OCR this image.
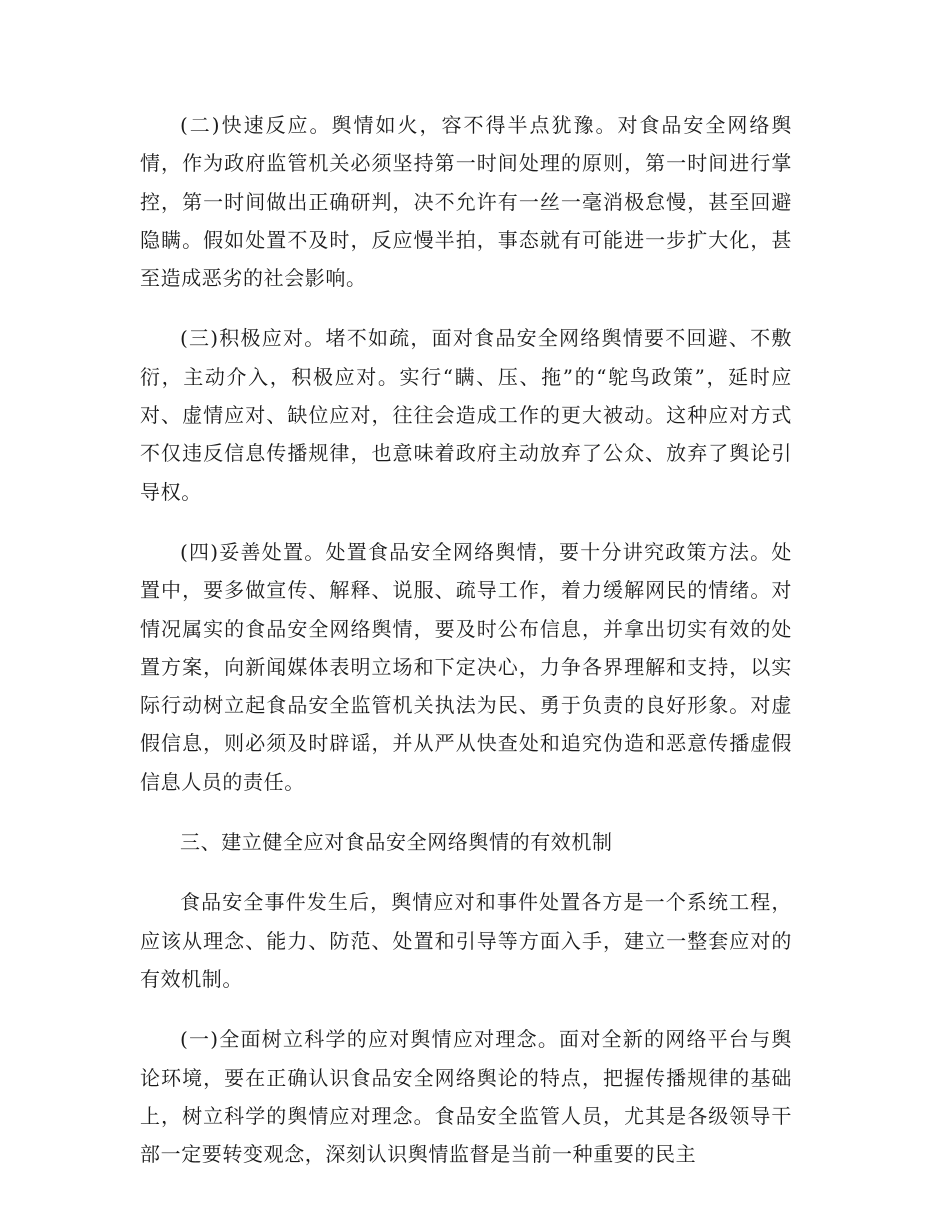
(二)快速反应。舆情如火，容不得半点犹豫。对食品安全网络舆情，作为政府监管机关必须坚持第一时间处理的原则，第一时间进行掌控，第一时间做出正确研判，决不允许有一丝一毫消极怠慢，甚至回避隐瞒。假如处置不及时，反应慢半拍，事态就有可能进一步扩大化，甚至造成恶劣的社会影响。

(三)积极应对。堵不如疏，面对食品安全网络舆情要不回避、不敷衍，主动介入，积极应对。实行“瞒、压、拖”的“鸵鸟政策”，延时应对、虚情应对、缺位应对，往往会造成工作的更大被动。这种应对方式不仅违反信息传播规律，也意味着政府主动放弃了公众、放弃了舆论引导权。

(四)妥善处置。处置食品安全网络舆情，要十分讲究政策方法。处置中，要多做宣传、解释、说服、疏导工作，着力缓解网民的情绪。对情况属实的食品安全网络舆情，要及时公布信息，并拿出切实有效的处置方案，向新闻媒体表明立场和下定决心，力争各界理解和支持，以实际行动树立起食品安全监管机关执法为民、勇于负责的良好形象。对虚假信息，则必须及时辟谣，并从严从快查处和追究伪造和恶意传播虚假信息人员的责任。

三、建立健全应对食品安全网络舆情的有效机制

食品安全事件发生后，舆情应对和事件处置各方是一个系统工程，应该从理念、能力、防范、处置和引导等方面入手，建立一整套应对的有效机制。

(一)全面树立科学的应对舆情应对理念。面对全新的网络平台与舆论环境，要在正确认识食品安全网络舆论的特点，把握传播规律的基础上，树立科学的舆情应对理念。食品安全监管人员，尤其是各级领导干部一定要转变观念，深刻认识舆情监督是当前一种重要的民主
